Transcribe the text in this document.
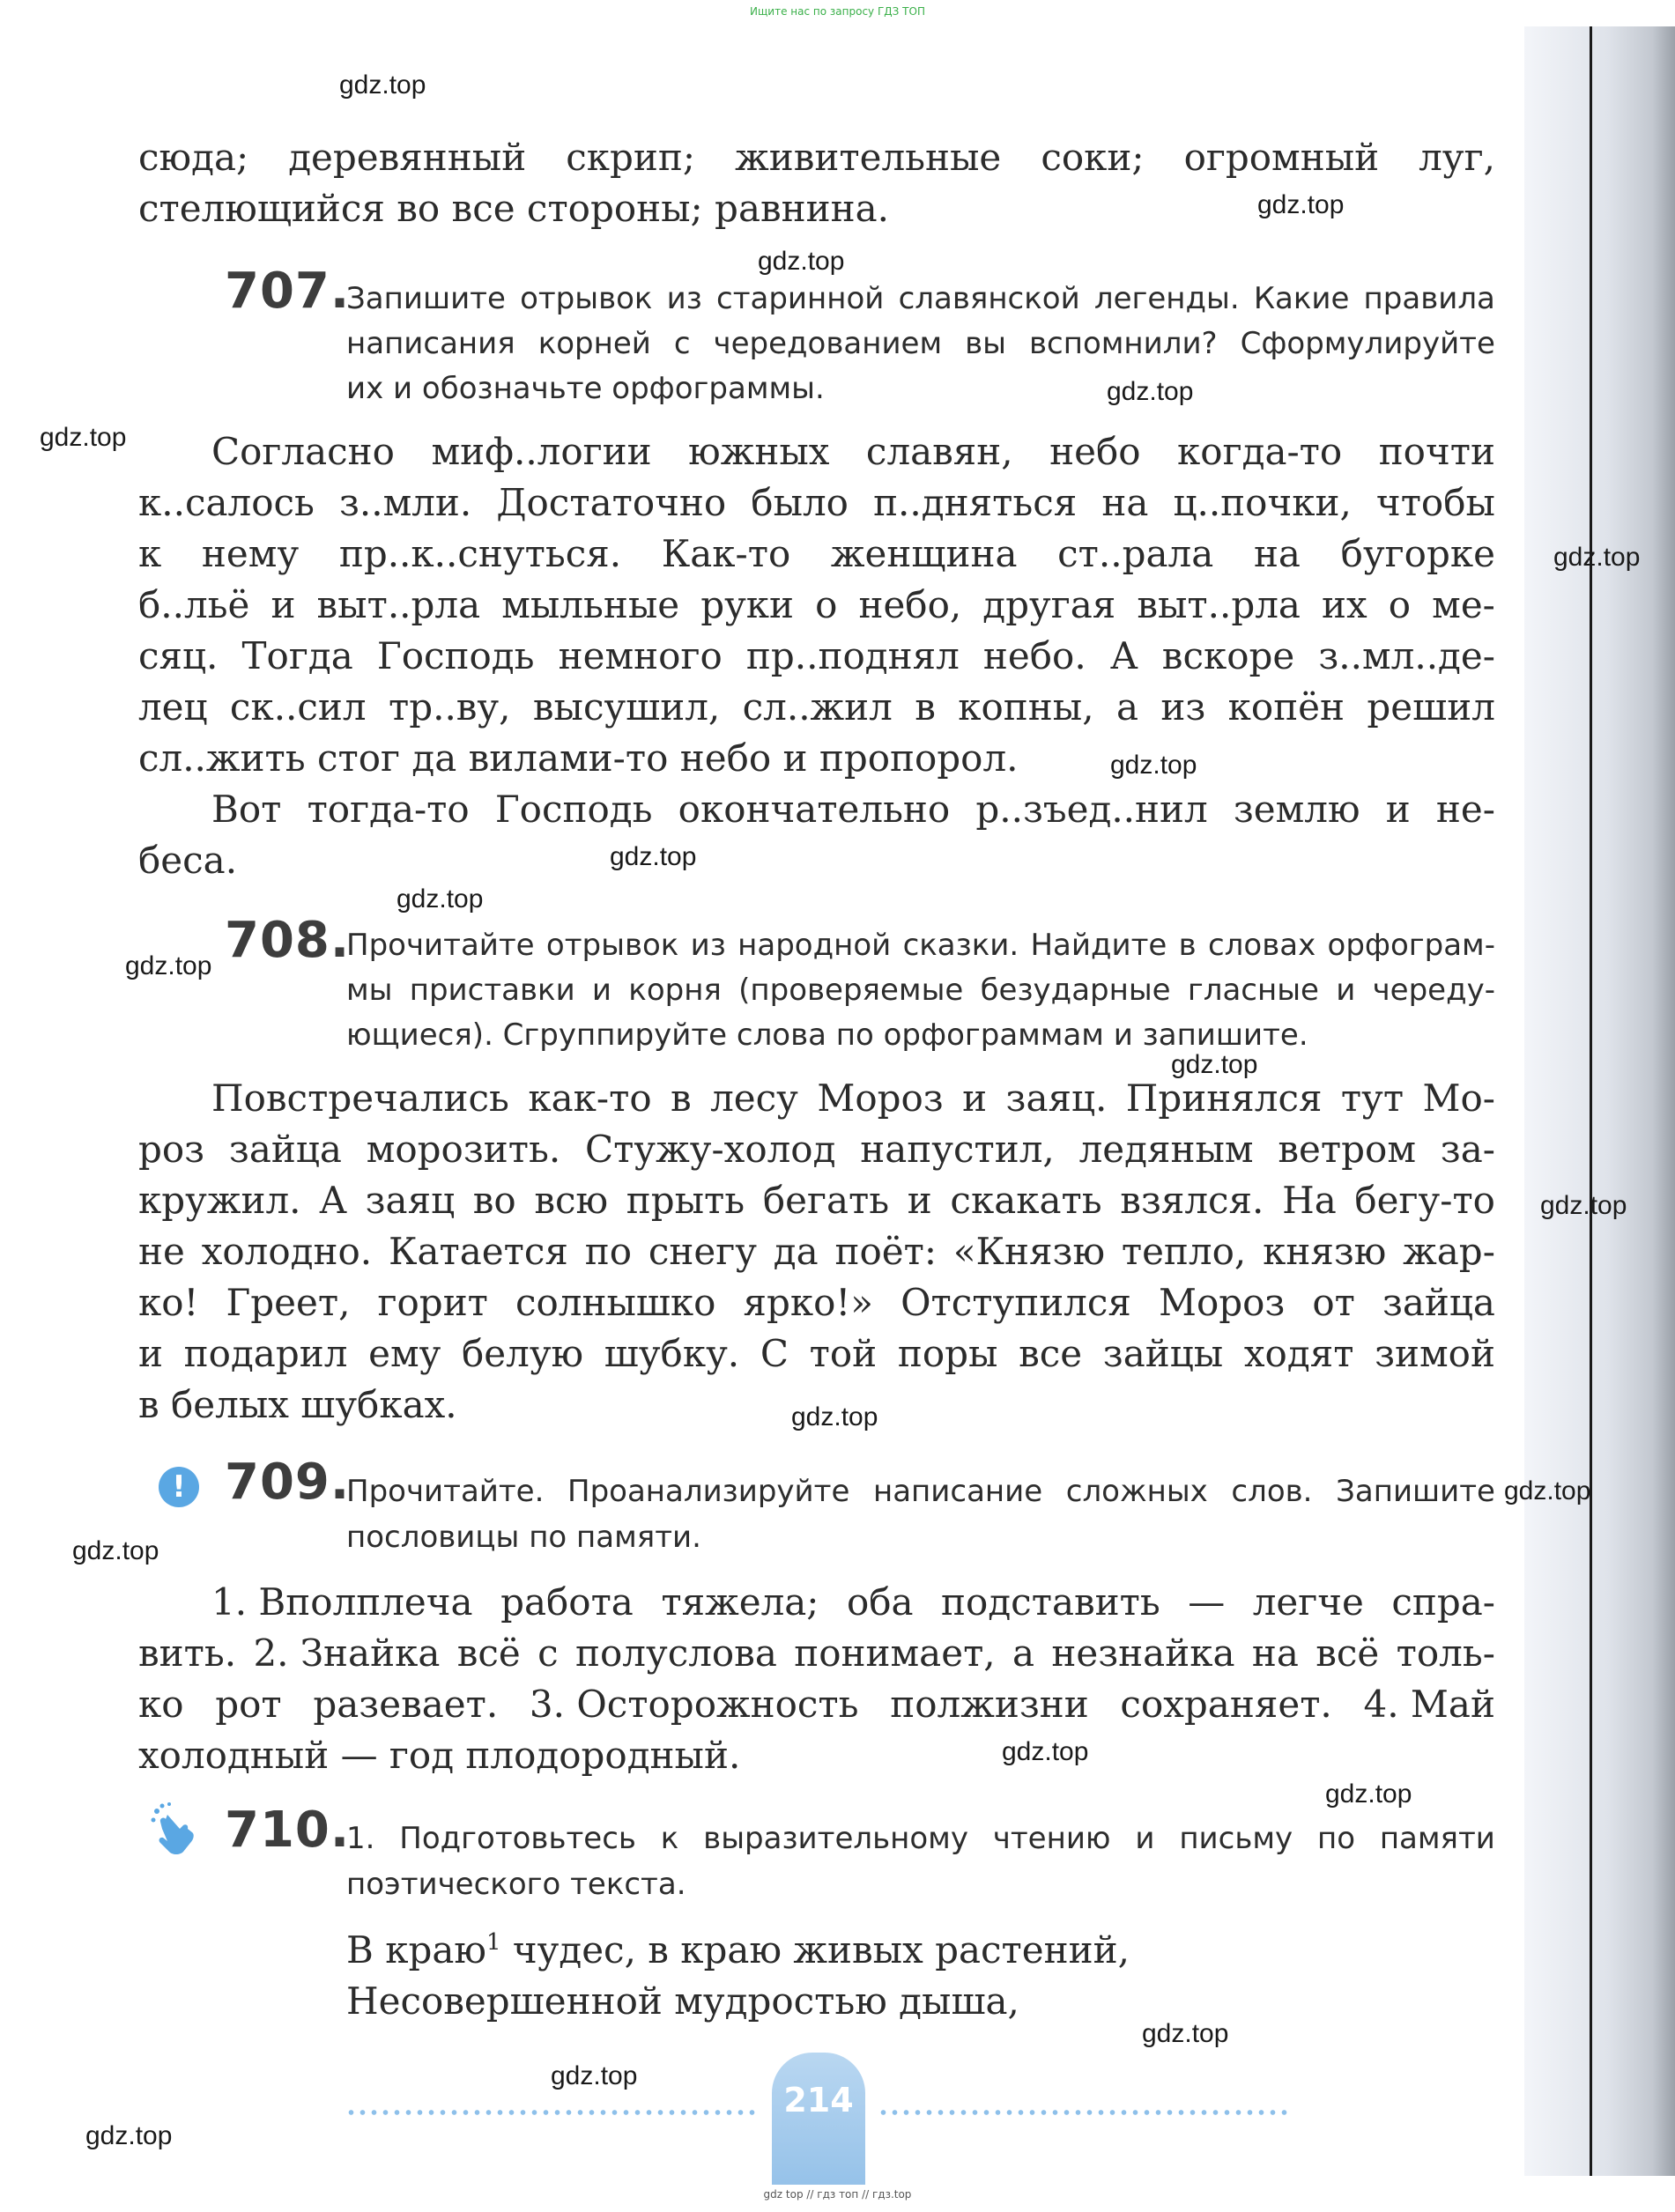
Ищите нас по запросу ГДЗ ТОП
gdz top // гдз топ // гдз.top
сюда; деревянный скрип; живительные соки; огромный луг,
стелющийся во все стороны; равнина.
707.
Запишите отрывок из старинной славянской легенды. Какие правила
написания корней с чередованием вы вспомнили? Сформулируйте
их и обозначьте орфограммы.
Согласно миф..логии южных славян, небо когда-то почти
к..салось з..мли. Достаточно было п..дняться на ц..почки, чтобы
к нему пр..к..снуться. Как-то женщина ст..рала на бугорке
б..льё и выт..рла мыльные руки о небо, другая выт..рла их о ме-
сяц. Тогда Господь немного пр..поднял небо. А вскоре з..мл..де-
лец ск..сил тр..ву, высушил, сл..жил в копны, а из копён решил
сл..жить стог да вилами-то небо и пропорол.
Вот тогда-то Господь окончательно р..зъед..нил землю и не-
беса.
708.
Прочитайте отрывок из народной сказки. Найдите в словах орфограм-
мы приставки и корня (проверяемые безударные гласные и череду-
ющиеся). Сгруппируйте слова по орфограммам и запишите.
Повстречались как-то в лесу Мороз и заяц. Принялся тут Мо-
роз зайца морозить. Стужу-холод напустил, ледяным ветром за-
кружил. А заяц во всю прыть бегать и скакать взялся. На бегу-то
не холодно. Катается по снегу да поёт: «Князю тепло, князю жар-
ко! Греет, горит солнышко ярко!» Отступился Мороз от зайца
и подарил ему белую шубку. С той поры все зайцы ходят зимой
в белых шубках.
! 709.
Прочитайте. Проанализируйте написание сложных слов. Запишите
пословицы по памяти.
1. Вполплеча работа тяжела; оба подставить — легче спра-
вить. 2. Знайка всё с полуслова понимает, а незнайка на всё толь-
ко рот разевает. 3. Осторожность полжизни сохраняет. 4. Май
холодный — год плодородный.
710.
1. Подготовьтесь к выразительному чтению и письму по памяти
поэтического текста.
В краю$^1$ чудес, в краю живых растений,
Несовершенной мудростью дыша,
214
gdz.top
gdz.top
gdz.top
gdz.top
gdz.top
gdz.top
gdz.top
gdz.top
gdz.top
gdz.top
gdz.top
gdz.top
gdz.top
gdz.top
gdz.top
gdz.top
gdz.top
gdz.top
gdz.top
gdz.top
